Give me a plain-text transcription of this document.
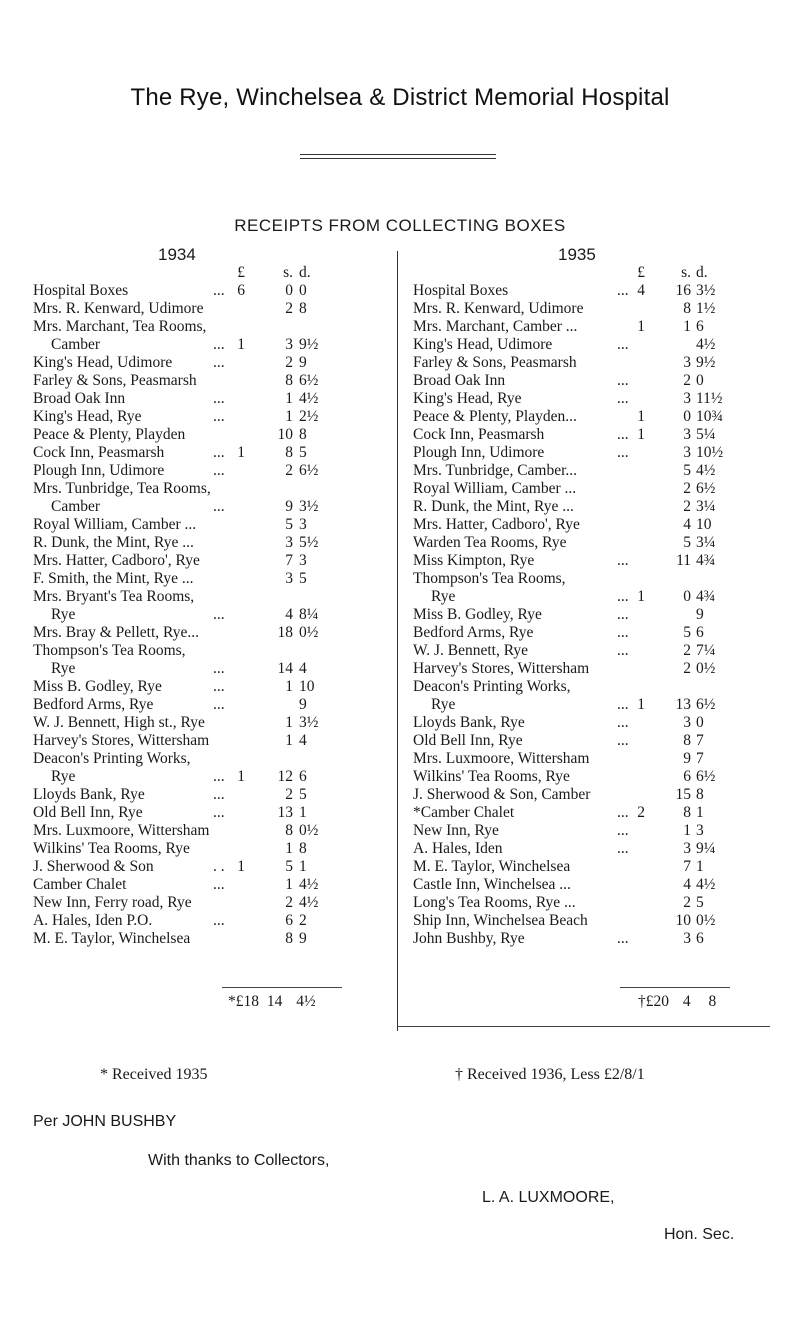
The Rye, Winchelsea & District Memorial Hospital
RECEIPTS FROM COLLECTING BOXES
1934	1935
£	s. d.
Hospital Boxes	... 6	0 0
Mrs. R. Kenward, Udimore	2 8
Mrs. Marchant, Tea Rooms,
Camber	... 1	3 9½
King's Head, Udimore	...	2 9
Farley & Sons, Peasmarsh	8 6½
Broad Oak Inn	...	1 4½
King's Head, Rye	...	1 2½
Peace & Plenty, Playden	10 8
Cock Inn, Peasmarsh	... 1	8 5
Plough Inn, Udimore	...	2 6½
Mrs. Tunbridge, Tea Rooms,
Camber	...	9 3½
Royal William, Camber ...	5 3
R. Dunk, the Mint, Rye ...	3 5½
Mrs. Hatter, Cadboro', Rye	7 3
F. Smith, the Mint, Rye ...	3 5
Mrs. Bryant's Tea Rooms,
Rye	...	4 8¼
Mrs. Bray & Pellett, Rye...	18 0½
Thompson's Tea Rooms,
Rye	...	14 4
Miss B. Godley, Rye	...	1 10
Bedford Arms, Rye	...	9
W. J. Bennett, High st., Rye	1 3½
Harvey's Stores, Wittersham	1 4
Deacon's Printing Works,
Rye	... 1	12 6
Lloyds Bank, Rye	...	2 5
Old Bell Inn, Rye	...	13 1
Mrs. Luxmoore, Wittersham	8 0½
Wilkins' Tea Rooms, Rye	1 8
J. Sherwood & Son	. . 1	5 1
Camber Chalet	...	1 4½
New Inn, Ferry road, Rye	2 4½
A. Hales, Iden P.O.	...	6 2
M. E. Taylor, Winchelsea	8 9
£	s. d.
Hospital Boxes	... 4	16 3½
Mrs. R. Kenward, Udimore	8 1½
Mrs. Marchant, Camber ...	1	1 6
King's Head, Udimore	...	4½
Farley & Sons, Peasmarsh	3 9½
Broad Oak Inn	...	2 0
King's Head, Rye	...	3 11½
Peace & Plenty, Playden...	1	0 10¾
Cock Inn, Peasmarsh	... 1	3 5¼
Plough Inn, Udimore	...	3 10½
Mrs. Tunbridge, Camber...	5 4½
Royal William, Camber ...	2 6½
R. Dunk, the Mint, Rye ...	2 3¼
Mrs. Hatter, Cadboro', Rye	4 10
Warden Tea Rooms, Rye	5 3¼
Miss Kimpton, Rye	...	11 4¾
Thompson's Tea Rooms,
Rye	... 1	0 4¾
Miss B. Godley, Rye	...	9
Bedford Arms, Rye	...	5 6
W. J. Bennett, Rye	...	2 7¼
Harvey's Stores, Wittersham	2 0½
Deacon's Printing Works,
Rye	... 1	13 6½
Lloyds Bank, Rye	...	3 0
Old Bell Inn, Rye	...	8 7
Mrs. Luxmoore, Wittersham	9 7
Wilkins' Tea Rooms, Rye	6 6½
J. Sherwood & Son, Camber	15 8
*Camber Chalet	... 2	8 1
New Inn, Rye	...	1 3
A. Hales, Iden	...	3 9¼
M. E. Taylor, Winchelsea	7 1
Castle Inn, Winchelsea ...	4 4½
Long's Tea Rooms, Rye ...	2 5
Ship Inn, Winchelsea Beach	10 0½
John Bushby, Rye	...	3 6
*£18 14 4½	†£20 4 8
* Received 1935	† Received 1936, Less £2/8/1
Per JOHN BUSHBY
With thanks to Collectors,
L. A. LUXMOORE,
Hon. Sec.
